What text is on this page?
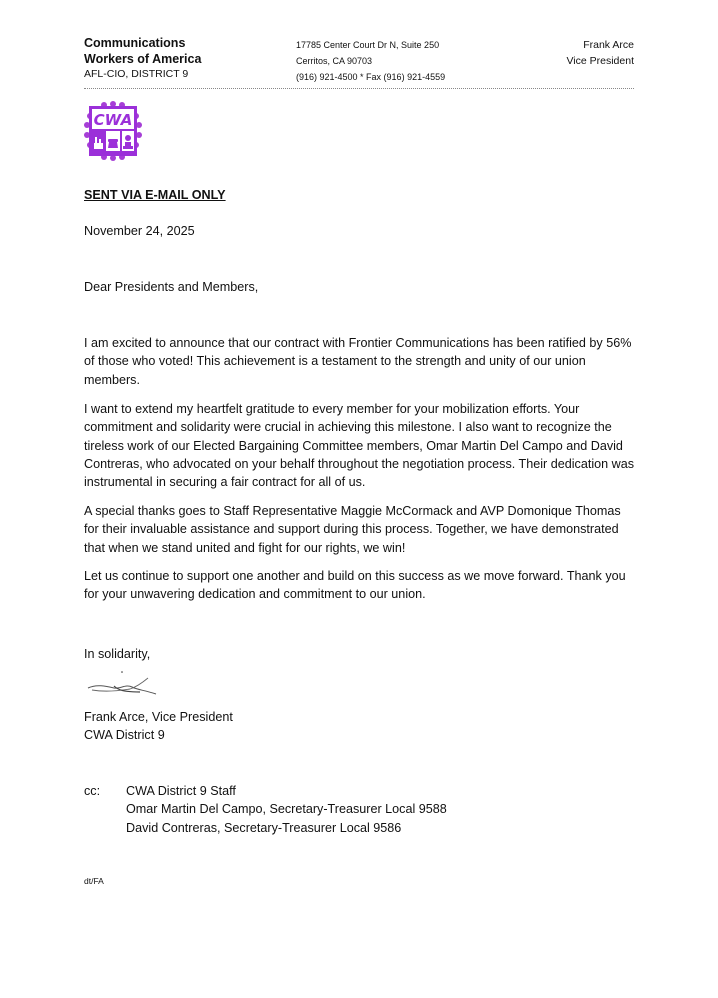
Communications
Workers of America
AFL-CIO, DISTRICT 9
17785 Center Court Dr N, Suite 250
Cerritos, CA 90703
(916) 921-4500 * Fax (916) 921-4559
Frank Arce
Vice President
CWA
SENT VIA E-MAIL ONLY
November 24, 2025
Dear Presidents and Members,

I am excited to announce that our contract with Frontier Communications has been ratified by 56% of those who voted! This achievement is a testament to the strength and unity of our union members.

I want to extend my heartfelt gratitude to every member for your mobilization efforts. Your commitment and solidarity were crucial in achieving this milestone. I also want to recognize the tireless work of our Elected Bargaining Committee members, Omar Martin Del Campo and David Contreras, who advocated on your behalf throughout the negotiation process. Their dedication was instrumental in securing a fair contract for all of us.

A special thanks goes to Staff Representative Maggie McCormack and AVP Domonique Thomas for their invaluable assistance and support during this process. Together, we have demonstrated that when we stand united and fight for our rights, we win!

Let us continue to support one another and build on this success as we move forward. Thank you for your unwavering dedication and commitment to our union.

In solidarity,
Frank Arce, Vice President
CWA District 9
cc: CWA District 9 Staff
Omar Martin Del Campo, Secretary-Treasurer Local 9588
David Contreras, Secretary-Treasurer Local 9586
dt/FA
